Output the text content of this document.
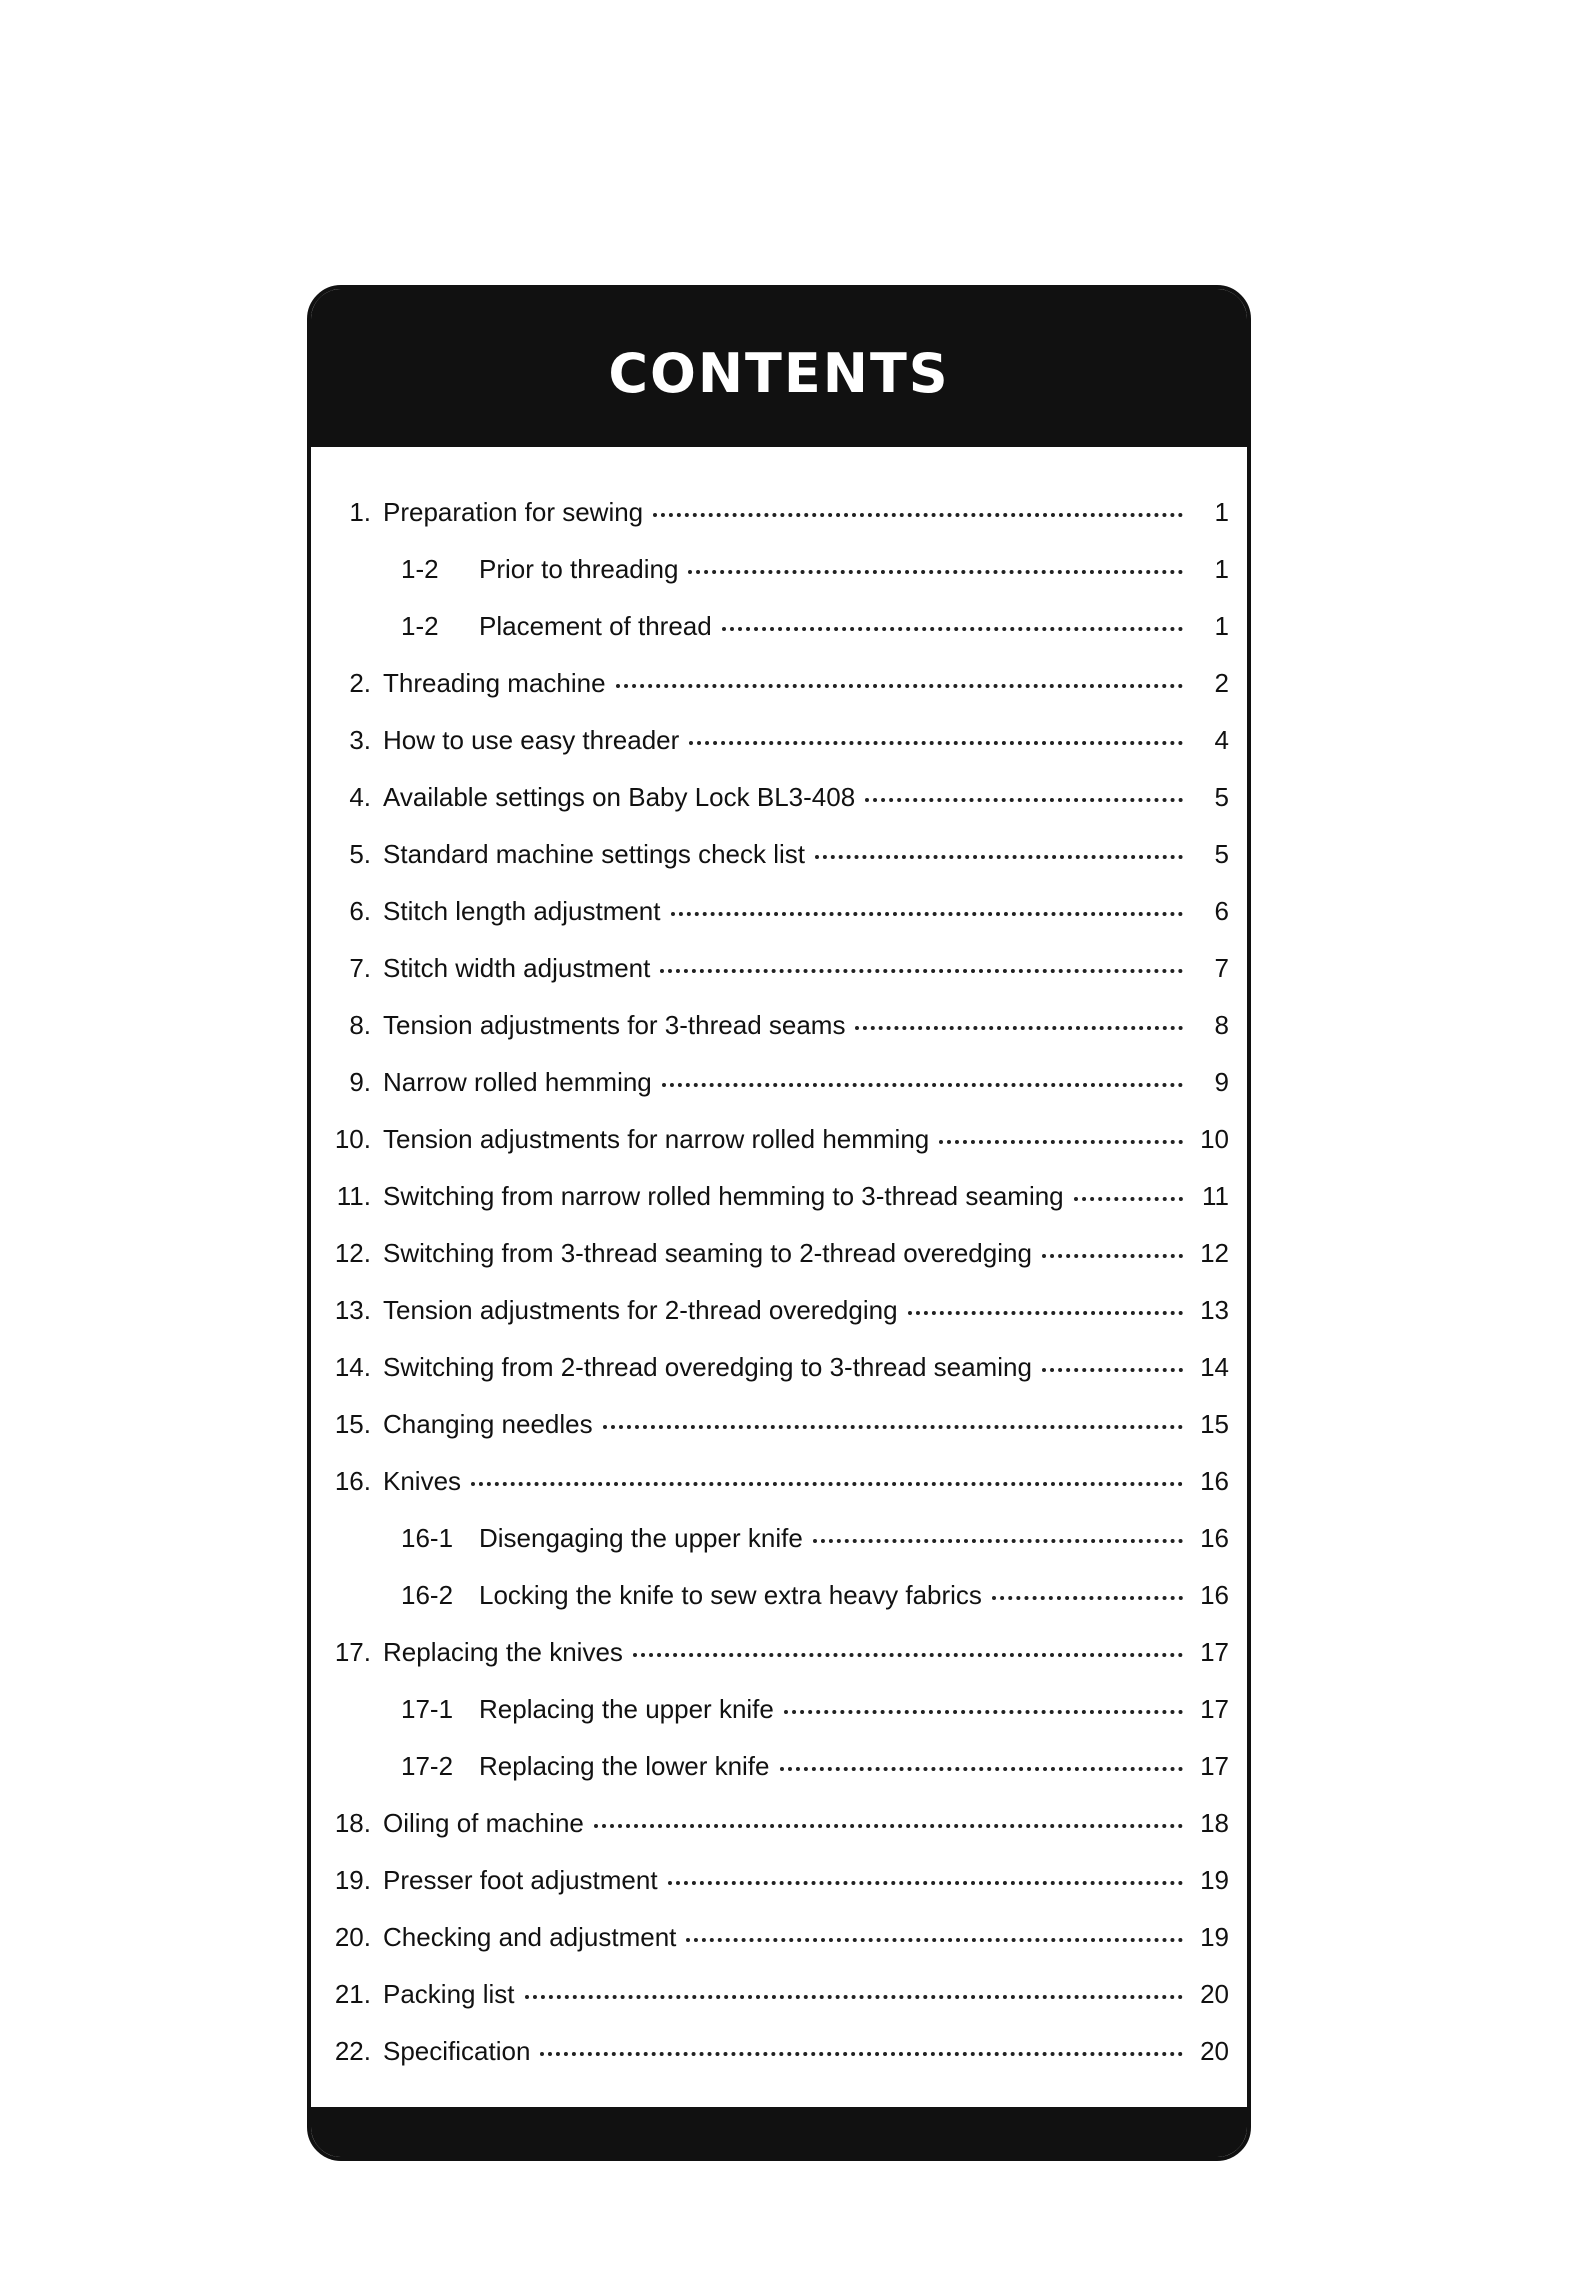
CONTENTS
1. Preparation for sewing	1
1-2	Prior to threading	1
1-2	Placement of thread	1
2. Threading machine	2
3. How to use easy threader	4
4. Available settings on Baby Lock BL3-408	5
5. Standard machine settings check list	5
6. Stitch length adjustment	6
7. Stitch width adjustment	7
8. Tension adjustments for 3-thread seams	8
9. Narrow rolled hemming	9
10. Tension adjustments for narrow rolled hemming	10
11. Switching from narrow rolled hemming to 3-thread seaming	11
12. Switching from 3-thread seaming to 2-thread overedging	12
13. Tension adjustments for 2-thread overedging	13
14. Switching from 2-thread overedging to 3-thread seaming	14
15. Changing needles	15
16. Knives	16
16-1 Disengaging the upper knife	16
16-2 Locking the knife to sew extra heavy fabrics	16
17. Replacing the knives	17
17-1 Replacing the upper knife	17
17-2 Replacing the lower knife	17
18. Oiling of machine	18
19. Presser foot adjustment	19
20. Checking and adjustment	19
21. Packing list	20
22. Specification	20
